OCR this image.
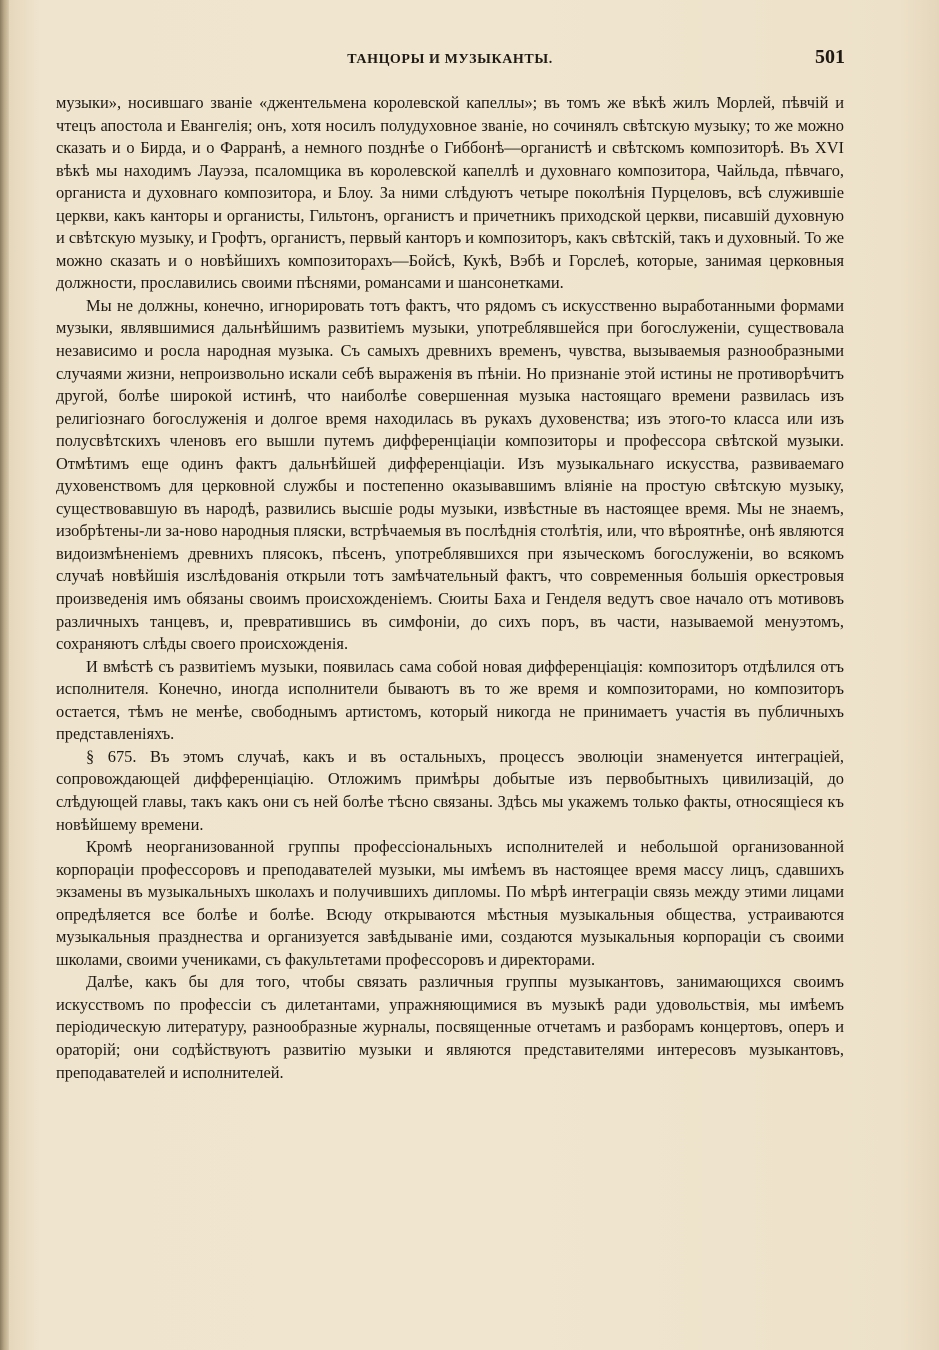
ТАНЦОРЫ И МУЗЫКАНТЫ.	501

музыки», носившаго званіе «джентельмена королевской капеллы»; въ томъ же вѣкѣ жилъ Морлей, пѣвчій и чтецъ апостола и Евангелія; онъ, хотя носилъ полудуховное званіе, но сочинялъ свѣтскую музыку; то же можно сказать и о Бирда, и о Фарранѣ, а немного позднѣе о Гиббонѣ—органистѣ и свѣтскомъ композиторѣ. Въ XVI вѣкѣ мы находимъ Лауэза, псаломщика въ королевской капеллѣ и духовнаго композитора, Чайльда, пѣвчаго, органиста и духовнаго композитора, и Блоу. За ними слѣдуютъ четыре поколѣнія Пурцеловъ, всѣ служившіе церкви, какъ канторы и органисты, Гильтонъ, органистъ и причетникъ приходской церкви, писавшій духовную и свѣтскую музыку, и Грофтъ, органистъ, первый канторъ и композиторъ, какъ свѣтскій, такъ и духовный. То же можно сказать и о новѣйшихъ композиторахъ—Бойсѣ, Кукѣ, Вэбѣ и Горслеѣ, которые, занимая церковныя должности, прославились своими пѣснями, романсами и шансонетками.

Мы не должны, конечно, игнорировать тотъ фактъ, что рядомъ съ искусственно выработанными формами музыки, являвшимися дальнѣйшимъ развитіемъ музыки, употреблявшейся при богослуженіи, существовала независимо и росла народная музыка. Съ самыхъ древнихъ временъ, чувства, вызываемыя разнообразными случаями жизни, непроизвольно искали себѣ выраженія въ пѣніи. Но признаніе этой истины не противорѣчитъ другой, болѣе широкой истинѣ, что наиболѣе совершенная музыка настоящаго времени развилась изъ религіознаго богослуженія и долгое время находилась въ рукахъ духовенства; изъ этого-то класса или изъ полусвѣтскихъ членовъ его вышли путемъ дифференціаціи композиторы и профессора свѣтской музыки. Отмѣтимъ еще одинъ фактъ дальнѣйшей дифференціаціи. Изъ музыкальнаго искусства, развиваемаго духовенствомъ для церковной службы и постепенно оказывавшимъ вліяніе на простую свѣтскую музыку, существовавшую въ народѣ, развились высшіе роды музыки, извѣстные въ настоящее время. Мы не знаемъ, изобрѣтены-ли за-ново народныя пляски, встрѣчаемыя въ послѣднія столѣтія, или, что вѣроятнѣе, онѣ являются видоизмѣненіемъ древнихъ плясокъ, пѣсенъ, употреблявшихся при языческомъ богослуженіи, во всякомъ случаѣ новѣйшія изслѣдованія открыли тотъ замѣчательный фактъ, что современныя большія оркестровыя произведенія имъ обязаны своимъ происхожденіемъ. Сюиты Баха и Генделя ведутъ свое начало отъ мотивовъ различныхъ танцевъ, и, превратившись въ симфоніи, до сихъ поръ, въ части, называемой менуэтомъ, сохраняютъ слѣды своего происхожденія.

И вмѣстѣ съ развитіемъ музыки, появилась сама собой новая дифференціація: композиторъ отдѣлился отъ исполнителя. Конечно, иногда исполнители бываютъ въ то же время и композиторами, но композиторъ остается, тѣмъ не менѣе, свободнымъ артистомъ, который никогда не принимаетъ участія въ публичныхъ представленіяхъ.

§ 675. Въ этомъ случаѣ, какъ и въ остальныхъ, процессъ эволюціи знаменуется интеграціей, сопровождающей дифференціацію. Отложимъ примѣры добытые изъ первобытныхъ цивилизацій, до слѣдующей главы, такъ какъ они съ ней болѣе тѣсно связаны. Здѣсь мы укажемъ только факты, относящіеся къ новѣйшему времени.

Кромѣ неорганизованной группы профессіональныхъ исполнителей и небольшой организованной корпораціи профессоровъ и преподавателей музыки, мы имѣемъ въ настоящее время массу лицъ, сдавшихъ экзамены въ музыкальныхъ школахъ и получившихъ дипломы. По мѣрѣ интеграціи связь между этими лицами опредѣляется все болѣе и болѣе. Всюду открываются мѣстныя музыкальныя общества, устраиваются музыкальныя празднества и организуется завѣдываніе ими, создаются музыкальныя корпораціи съ своими школами, своими учениками, съ факультетами профессоровъ и директорами.

Далѣе, какъ бы для того, чтобы связать различныя группы музыкантовъ, занимающихся своимъ искусствомъ по профессіи съ дилетантами, упражняющимися въ музыкѣ ради удовольствія, мы имѣемъ періодическую литературу, разнообразные журналы, посвященные отчетамъ и разборамъ концертовъ, оперъ и ораторій; они содѣйствуютъ развитію музыки и являются представителями интересовъ музыкантовъ, преподавателей и исполнителей.
